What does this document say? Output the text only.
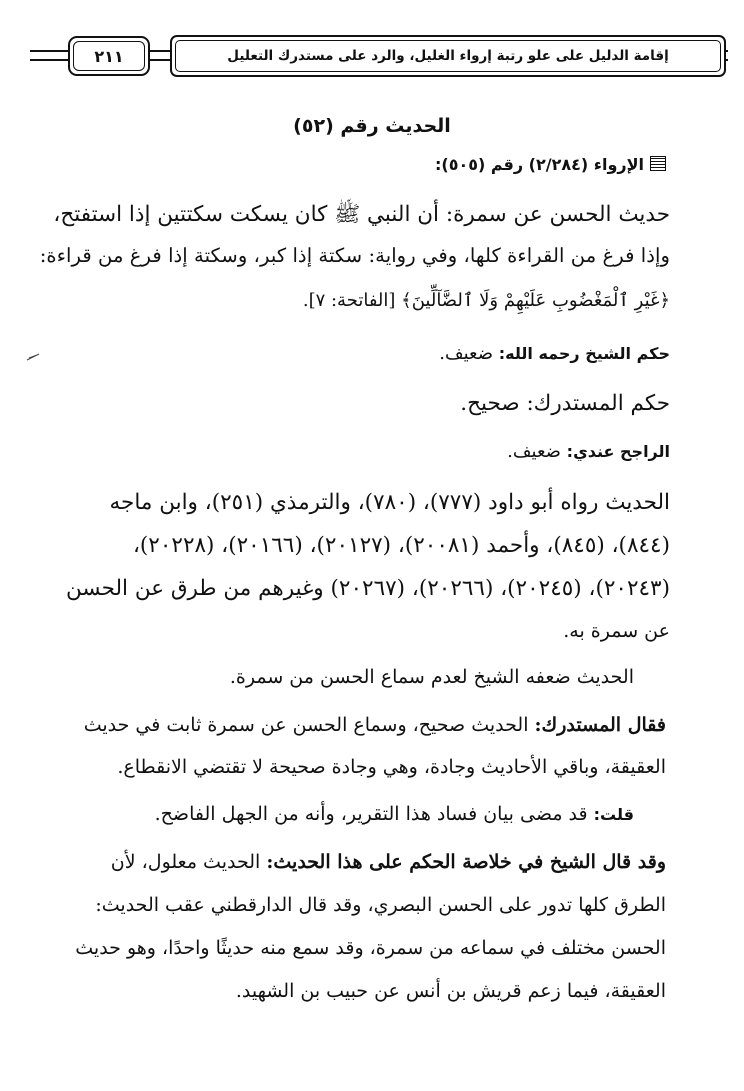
إقامة الدليل على علو رتبة إرواء الغليل، والرد على مستدرك التعليل
٢١١
الحديث رقم (٥٢)
الإرواء (٢/٢٨٤) رقم (٥٠٥):
حديث الحسن عن سمرة: أن النبي ﷺ كان يسكت سكتتين إذا استفتح،
وإذا فرغ من القراءة كلها، وفي رواية: سكتة إذا كبر، وسكتة إذا فرغ من قراءة:
﴿غَيْرِ ٱلْمَغْضُوبِ عَلَيْهِمْ وَلَا ٱلضَّآلِّينَ﴾ [الفاتحة: ٧].
حكم الشيخ رحمه الله: ضعيف.
حكم المستدرك: صحيح.
الراجح عندي: ضعيف.
الحديث رواه أبو داود (٧٧٧)، (٧٨٠)، والترمذي (٢٥١)، وابن ماجه
(٨٤٤)، (٨٤٥)، وأحمد (٢٠٠٨١)، (٢٠١٢٧)، (٢٠١٦٦)، (٢٠٢٢٨)،
(٢٠٢٤٣)، (٢٠٢٤٥)، (٢٠٢٦٦)، (٢٠٢٦٧) وغيرهم من طرق عن الحسن
عن سمرة به.
الحديث ضعفه الشيخ لعدم سماع الحسن من سمرة.
فقال المستدرك: الحديث صحيح، وسماع الحسن عن سمرة ثابت في حديث
العقيقة، وباقي الأحاديث وجادة، وهي وجادة صحيحة لا تقتضي الانقطاع.
قلت: قد مضى بيان فساد هذا التقرير، وأنه من الجهل الفاضح.
وقد قال الشيخ في خلاصة الحكم على هذا الحديث: الحديث معلول، لأن
الطرق كلها تدور على الحسن البصري، وقد قال الدارقطني عقب الحديث:
الحسن مختلف في سماعه من سمرة، وقد سمع منه حديثًا واحدًا، وهو حديث
العقيقة، فيما زعم قريش بن أنس عن حبيب بن الشهيد.
